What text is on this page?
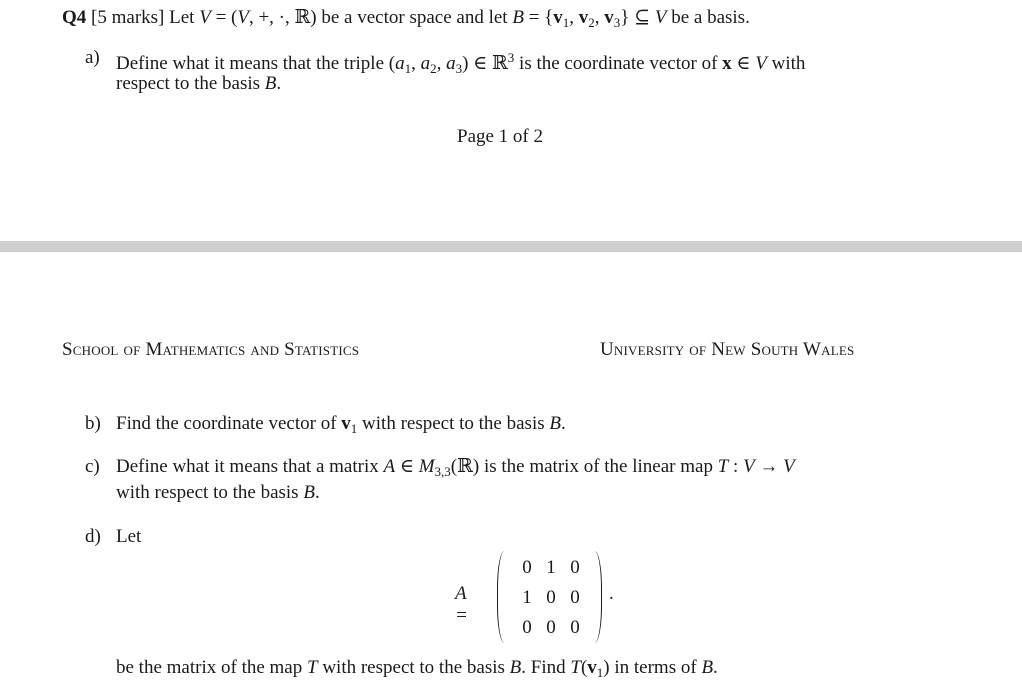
Q4 [5 marks] Let V = (V, +, ·, ℝ) be a vector space and let $B = \{v_1$, $v_2$, $v_3$} ⊆ V be a basis.
a) Define what it means that the triple ($a_1$, $a_2$, $a_3$) ∈ ℝ$^3$ is the coordinate vector of x ∈ V with
respect to the basis B.
Page 1 of 2
School of Mathematics and Statistics	University of New South Wales
b) Find the coordinate vector of $v_1$ with respect to the basis B.
c) Define what it means that a matrix A ∈ $M_{3,3}(ℝ)$ is the matrix of the linear map T : V → V
with respect to the basis B.
d) Let
A =
0 1 0
1 0 0
0 0 0
.
be the matrix of the map T with respect to the basis B. Find $T(v_1)$ in terms of B.
